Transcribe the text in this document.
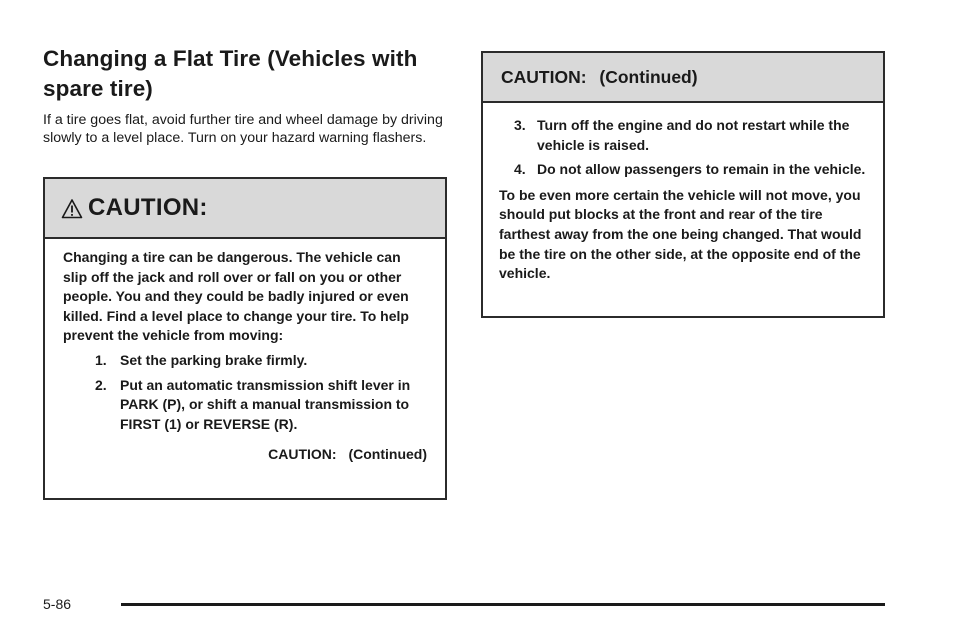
Changing a Flat Tire (Vehicles with spare tire)

If a tire goes flat, avoid further tire and wheel damage by driving slowly to a level place. Turn on your hazard warning flashers.

CAUTION:
Changing a tire can be dangerous. The vehicle can slip off the jack and roll over or fall on you or other people. You and they could be badly injured or even killed. Find a level place to change your tire. To help prevent the vehicle from moving:
1. Set the parking brake firmly.
2. Put an automatic transmission shift lever in PARK (P), or shift a manual transmission to FIRST (1) or REVERSE (R).
CAUTION: (Continued)
CAUTION: (Continued)
3. Turn off the engine and do not restart while the vehicle is raised.
4. Do not allow passengers to remain in the vehicle.
To be even more certain the vehicle will not move, you should put blocks at the front and rear of the tire farthest away from the one being changed. That would be the tire on the other side, at the opposite end of the vehicle.
5-86
